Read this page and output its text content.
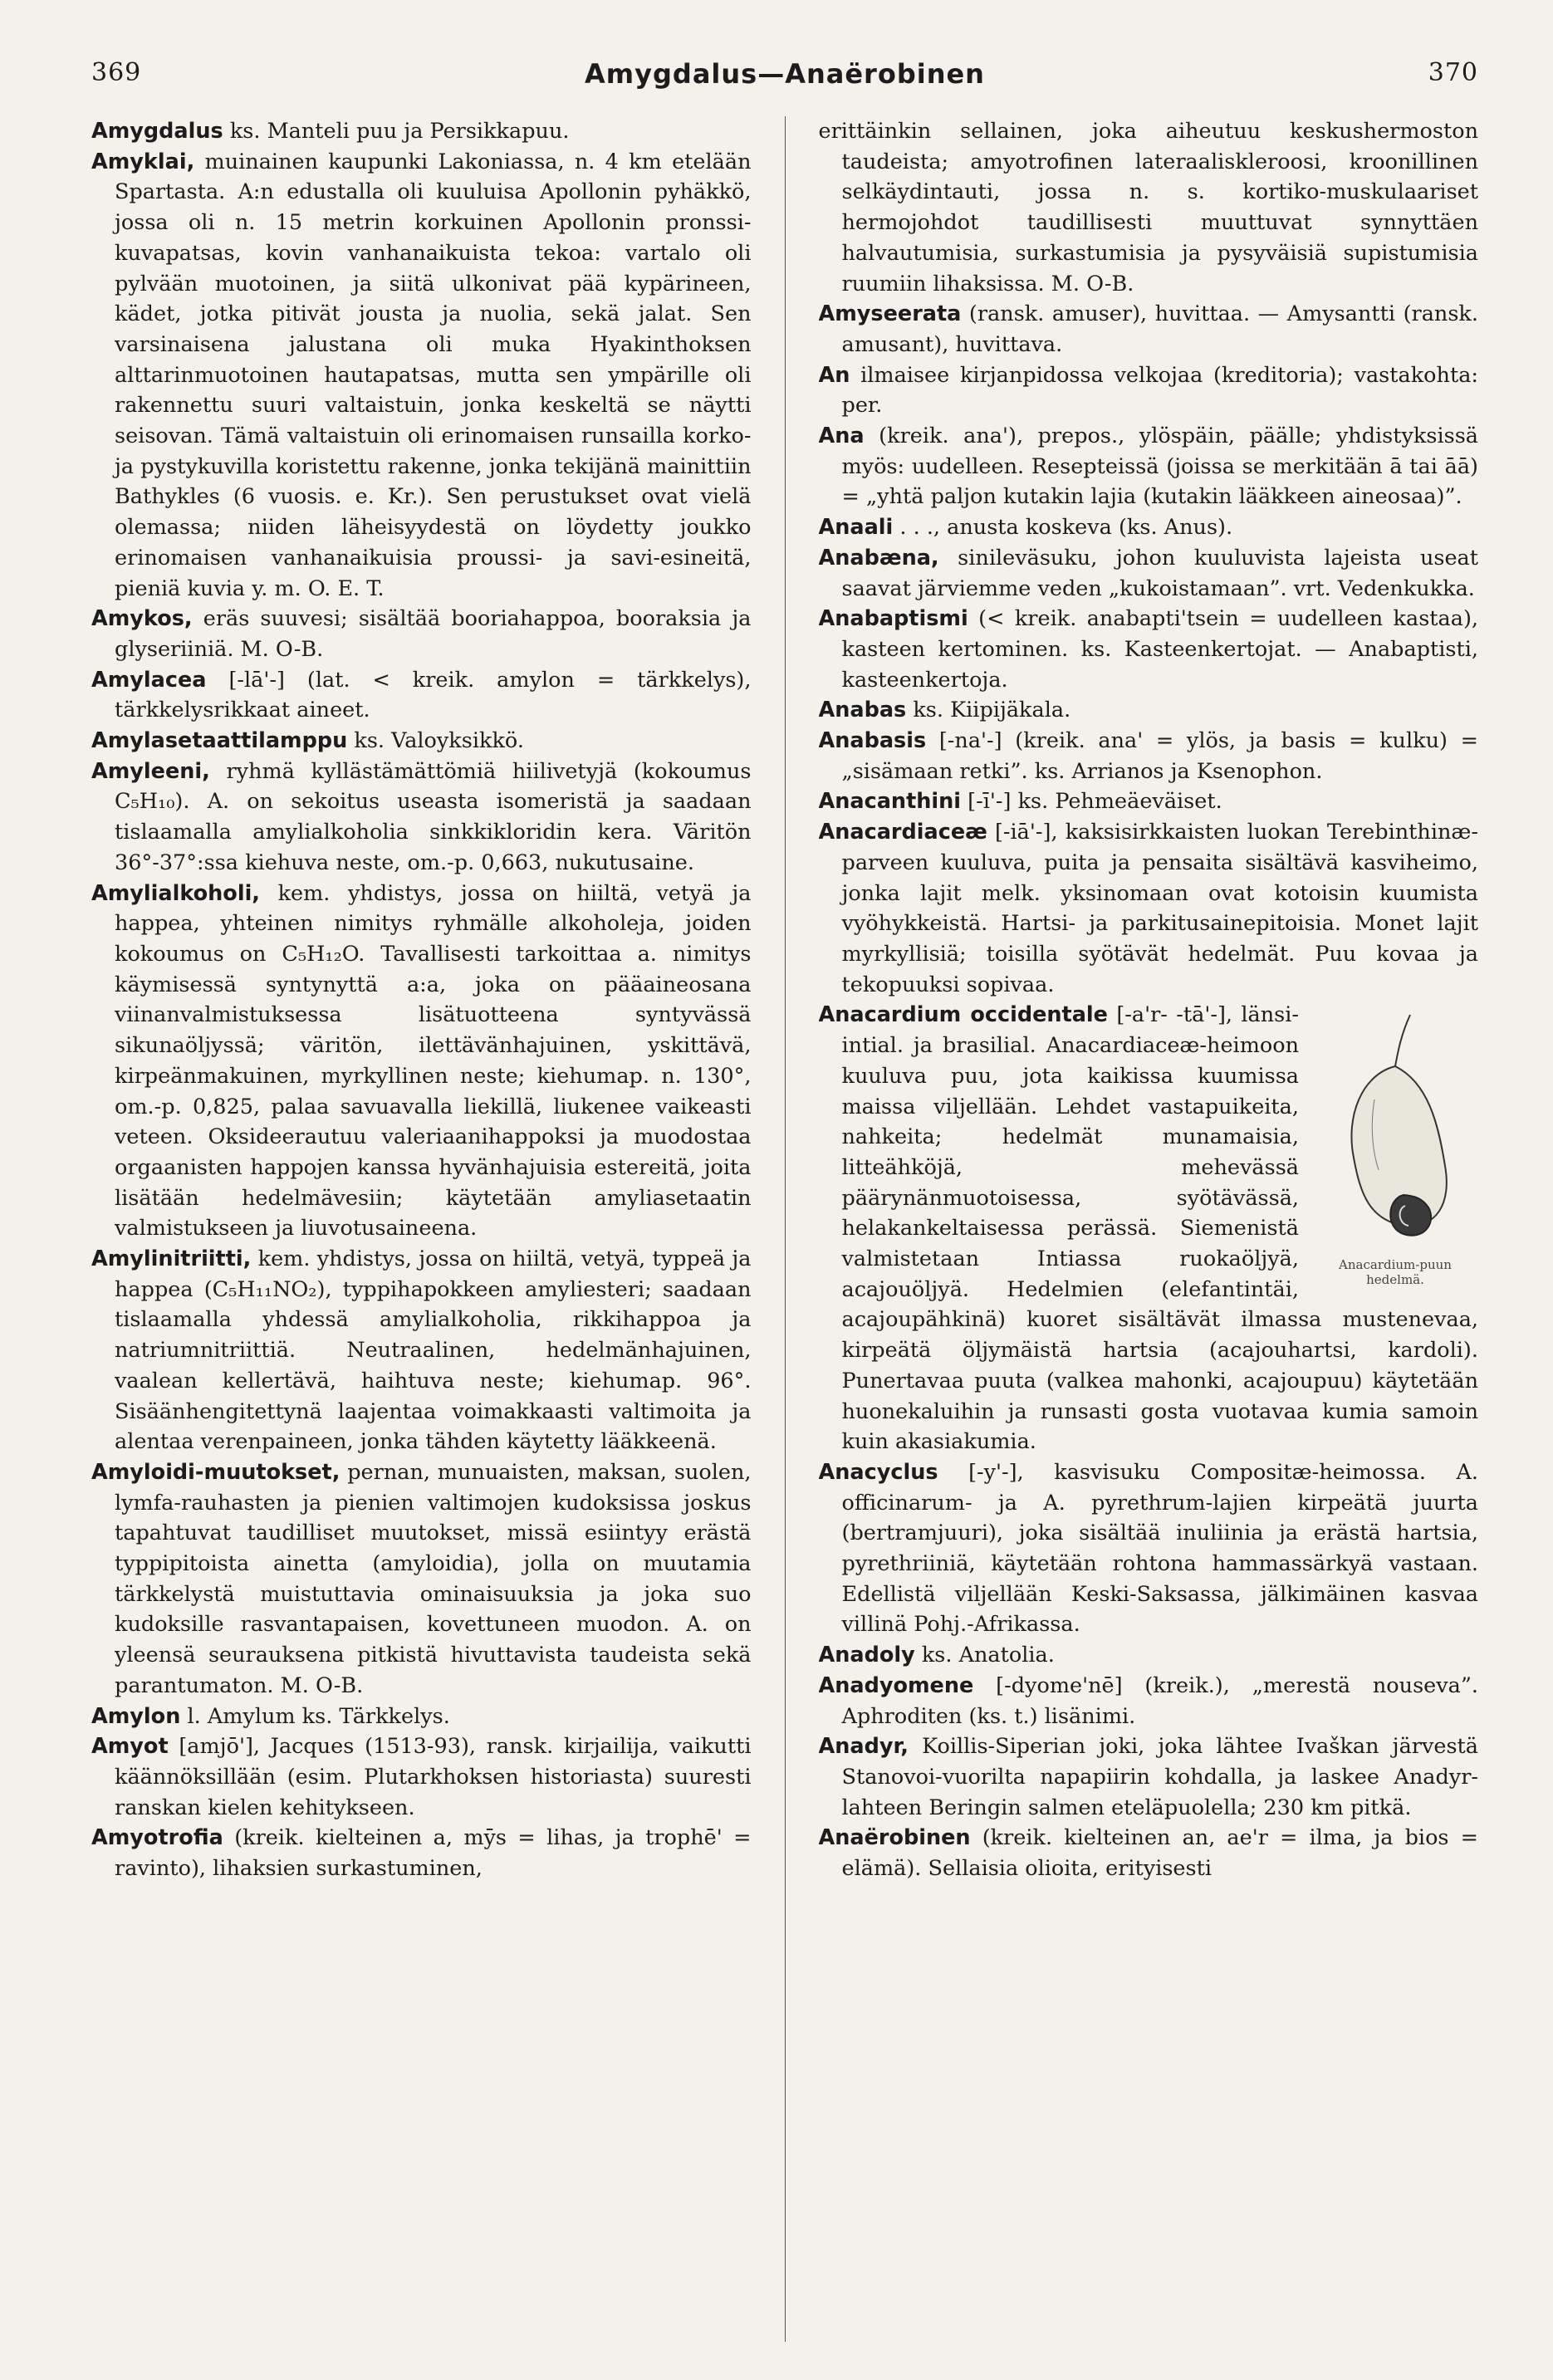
369	Amygdalus—Anaërobinen	370

Amygdalus ks. Manteli puu ja Persikkapuu.

Amyklai, muinainen kaupunki Lakoniassa, n. 4 km etelään Spartasta. A:n edustalla oli kuuluisa Apollonin pyhäkkö, jossa oli n. 15 metrin korkuinen Apollonin pronssi-kuvapatsas, kovin vanhanaikuista tekoa: vartalo oli pylvään muotoinen, ja siitä ulkonivat pää kypärineen, kädet, jotka pitivät jousta ja nuolia, sekä jalat. Sen varsinaisena jalustana oli muka Hyakinthoksen alttarinmuotoinen hautapatsas, mutta sen ympärille oli rakennettu suuri valtaistuin, jonka keskeltä se näytti seisovan. Tämä valtaistuin oli erinomaisen runsailla korko- ja pystykuvilla koristettu rakenne, jonka tekijänä mainittiin Bathykles (6 vuosis. e. Kr.). Sen perustukset ovat vielä olemassa; niiden läheisyydestä on löydetty joukko erinomaisen vanhanaikuisia proussi- ja savi-esineitä, pieniä kuvia y. m. O. E. T.

Amykos, eräs suuvesi; sisältää booriahappoa, booraksia ja glyseriiniä. M. O-B.

Amylacea [-lā'-] (lat. < kreik. amylon = tärkkelys), tärkkelysrikkaat aineet.

Amylasetaattilamppu ks. Valoyksikkö.

Amyleeni, ryhmä kyllästämättömiä hiilivetyjä (kokoumus C₅H₁₀). A. on sekoitus useasta isomeristä ja saadaan tislaamalla amylialkoholia sinkkikloridin kera. Väritön 36°-37°:ssa kiehuva neste, om.-p. 0,663, nukutusaine.

Amylialkoholi, kem. yhdistys, jossa on hiiltä, vetyä ja happea, yhteinen nimitys ryhmälle alkoholeja, joiden kokoumus on C₅H₁₂O. Tavallisesti tarkoittaa a. nimitys käymisessä syntynyttä a:a, joka on pääaineosana viinanvalmistuksessa lisätuotteena syntyvässä sikunaöljyssä; väritön, ilettävänhajuinen, yskittävä, kirpeänmakuinen, myrkyllinen neste; kiehumap. n. 130°, om.-p. 0,825, palaa savuavalla liekillä, liukenee vaikeasti veteen. Oksideerautuu valeriaanihappoksi ja muodostaa orgaanisten happojen kanssa hyvänhajuisia estereitä, joita lisätään hedelmävesiin; käytetään amyliasetaatin valmistukseen ja liuvotusaineena.

Amylinitriitti, kem. yhdistys, jossa on hiiltä, vetyä, typpeä ja happea (C₅H₁₁NO₂), typpihapokkeen amyliesteri; saadaan tislaamalla yhdessä amylialkoholia, rikkihappoa ja natriumnitriittiä. Neutraalinen, hedelmänhajuinen, vaalean kellertävä, haihtuva neste; kiehumap. 96°. Sisäänhengitettynä laajentaa voimakkaasti valtimoita ja alentaa verenpaineen, jonka tähden käytetty lääkkeenä.

Amyloidi-muutokset, pernan, munuaisten, maksan, suolen, lymfa-rauhasten ja pienien valtimojen kudoksissa joskus tapahtuvat taudilliset muutokset, missä esiintyy erästä typpipitoista ainetta (amyloidia), jolla on muutamia tärkkelystä muistuttavia ominaisuuksia ja joka suo kudoksille rasvantapaisen, kovettuneen muodon. A. on yleensä seurauksena pitkistä hivuttavista taudeista sekä parantumaton. M. O-B.

Amylon l. Amylum ks. Tärkkelys.

Amyot [amjō'], Jacques (1513-93), ransk. kirjailija, vaikutti käännöksillään (esim. Plutarkhoksen historiasta) suuresti ranskan kielen kehitykseen.

Amyotrofia (kreik. kielteinen a, mȳs = lihas, ja trophē' = ravinto), lihaksien surkastuminen,

erittäinkin sellainen, joka aiheutuu keskushermoston taudeista; amyotrofinen lateraaliskleroosi, kroonillinen selkäydintauti, jossa n. s. kortiko-muskulaariset hermojohdot taudillisesti muuttuvat synnyttäen halvautumisia, surkastumisia ja pysyväisiä supistumisia ruumiin lihaksissa. M. O-B.

Amyseerata (ransk. amuser), huvittaa. — Amysantti (ransk. amusant), huvittava.

An ilmaisee kirjanpidossa velkojaa (kreditoria); vastakohta: per.

Ana (kreik. ana'), prepos., ylöspäin, päälle; yhdistyksissä myös: uudelleen. Resepteissä (joissa se merkitään ā tai āā) = „yhtä paljon kutakin lajia (kutakin lääkkeen aineosaa)”.

Anaali . . ., anusta koskeva (ks. Anus).

Anabæna, sinileväsuku, johon kuuluvista lajeista useat saavat järviemme veden „kukoistamaan”. vrt. Vedenkukka.

Anabaptismi (< kreik. anabapti'tsein = uudelleen kastaa), kasteen kertominen. ks. Kasteenkertojat. — Anabaptisti, kasteenkertoja.

Anabas ks. Kiipijäkala.

Anabasis [-na'-] (kreik. ana' = ylös, ja basis = kulku) = „sisämaan retki”. ks. Arrianos ja Ksenophon.

Anacanthini [-ī'-] ks. Pehmeäeväiset.

Anacardiaceæ [-iā'-], kaksisirkkaisten luokan Terebinthinæ-parveen kuuluva, puita ja pensaita sisältävä kasviheimo, jonka lajit melk. yksinomaan ovat kotoisin kuumista vyöhykkeistä. Hartsi- ja parkitusainepitoisia. Monet lajit myrkyllisiä; toisilla syötävät hedelmät. Puu kovaa ja tekopuuksi sopivaa.

Anacardium-puun hedelmä.

Anacardium occidentale [-a'r- -tā'-], länsi-intial. ja brasilial. Anacardiaceæ-heimoon kuuluva puu, jota kaikissa kuumissa maissa viljellään. Lehdet vastapuikeita, nahkeita; hedelmät munamaisia, litteähköjä, mehevässä päärynänmuotoisessa, syötävässä, helakankeltaisessa perässä. Siemenistä valmistetaan Intiassa ruokaöljyä, acajouöljyä. Hedelmien (elefantintäi, acajoupähkinä) kuoret sisältävät ilmassa mustenevaa, kirpeätä öljymäistä hartsia (acajouhartsi, kardoli). Punertavaa puuta (valkea mahonki, acajoupuu) käytetään huonekaluihin ja runsasti gosta vuotavaa kumia samoin kuin akasiakumia.

Anacyclus [-y'-], kasvisuku Compositæ-heimossa. A. officinarum- ja A. pyrethrum-lajien kirpeätä juurta (bertramjuuri), joka sisältää inuliinia ja erästä hartsia, pyrethriiniä, käytetään rohtona hammassärkyä vastaan. Edellistä viljellään Keski-Saksassa, jälkimäinen kasvaa villinä Pohj.-Afrikassa.

Anadoly ks. Anatolia.

Anadyomene [-dyome'nē] (kreik.), „merestä nouseva”. Aphroditen (ks. t.) lisänimi.

Anadyr, Koillis-Siperian joki, joka lähtee Ivaškan järvestä Stanovoi-vuorilta napapiirin kohdalla, ja laskee Anadyr-lahteen Beringin salmen eteläpuolella; 230 km pitkä.

Anaërobinen (kreik. kielteinen an, ae'r = ilma, ja bios = elämä). Sellaisia olioita, erityisesti
